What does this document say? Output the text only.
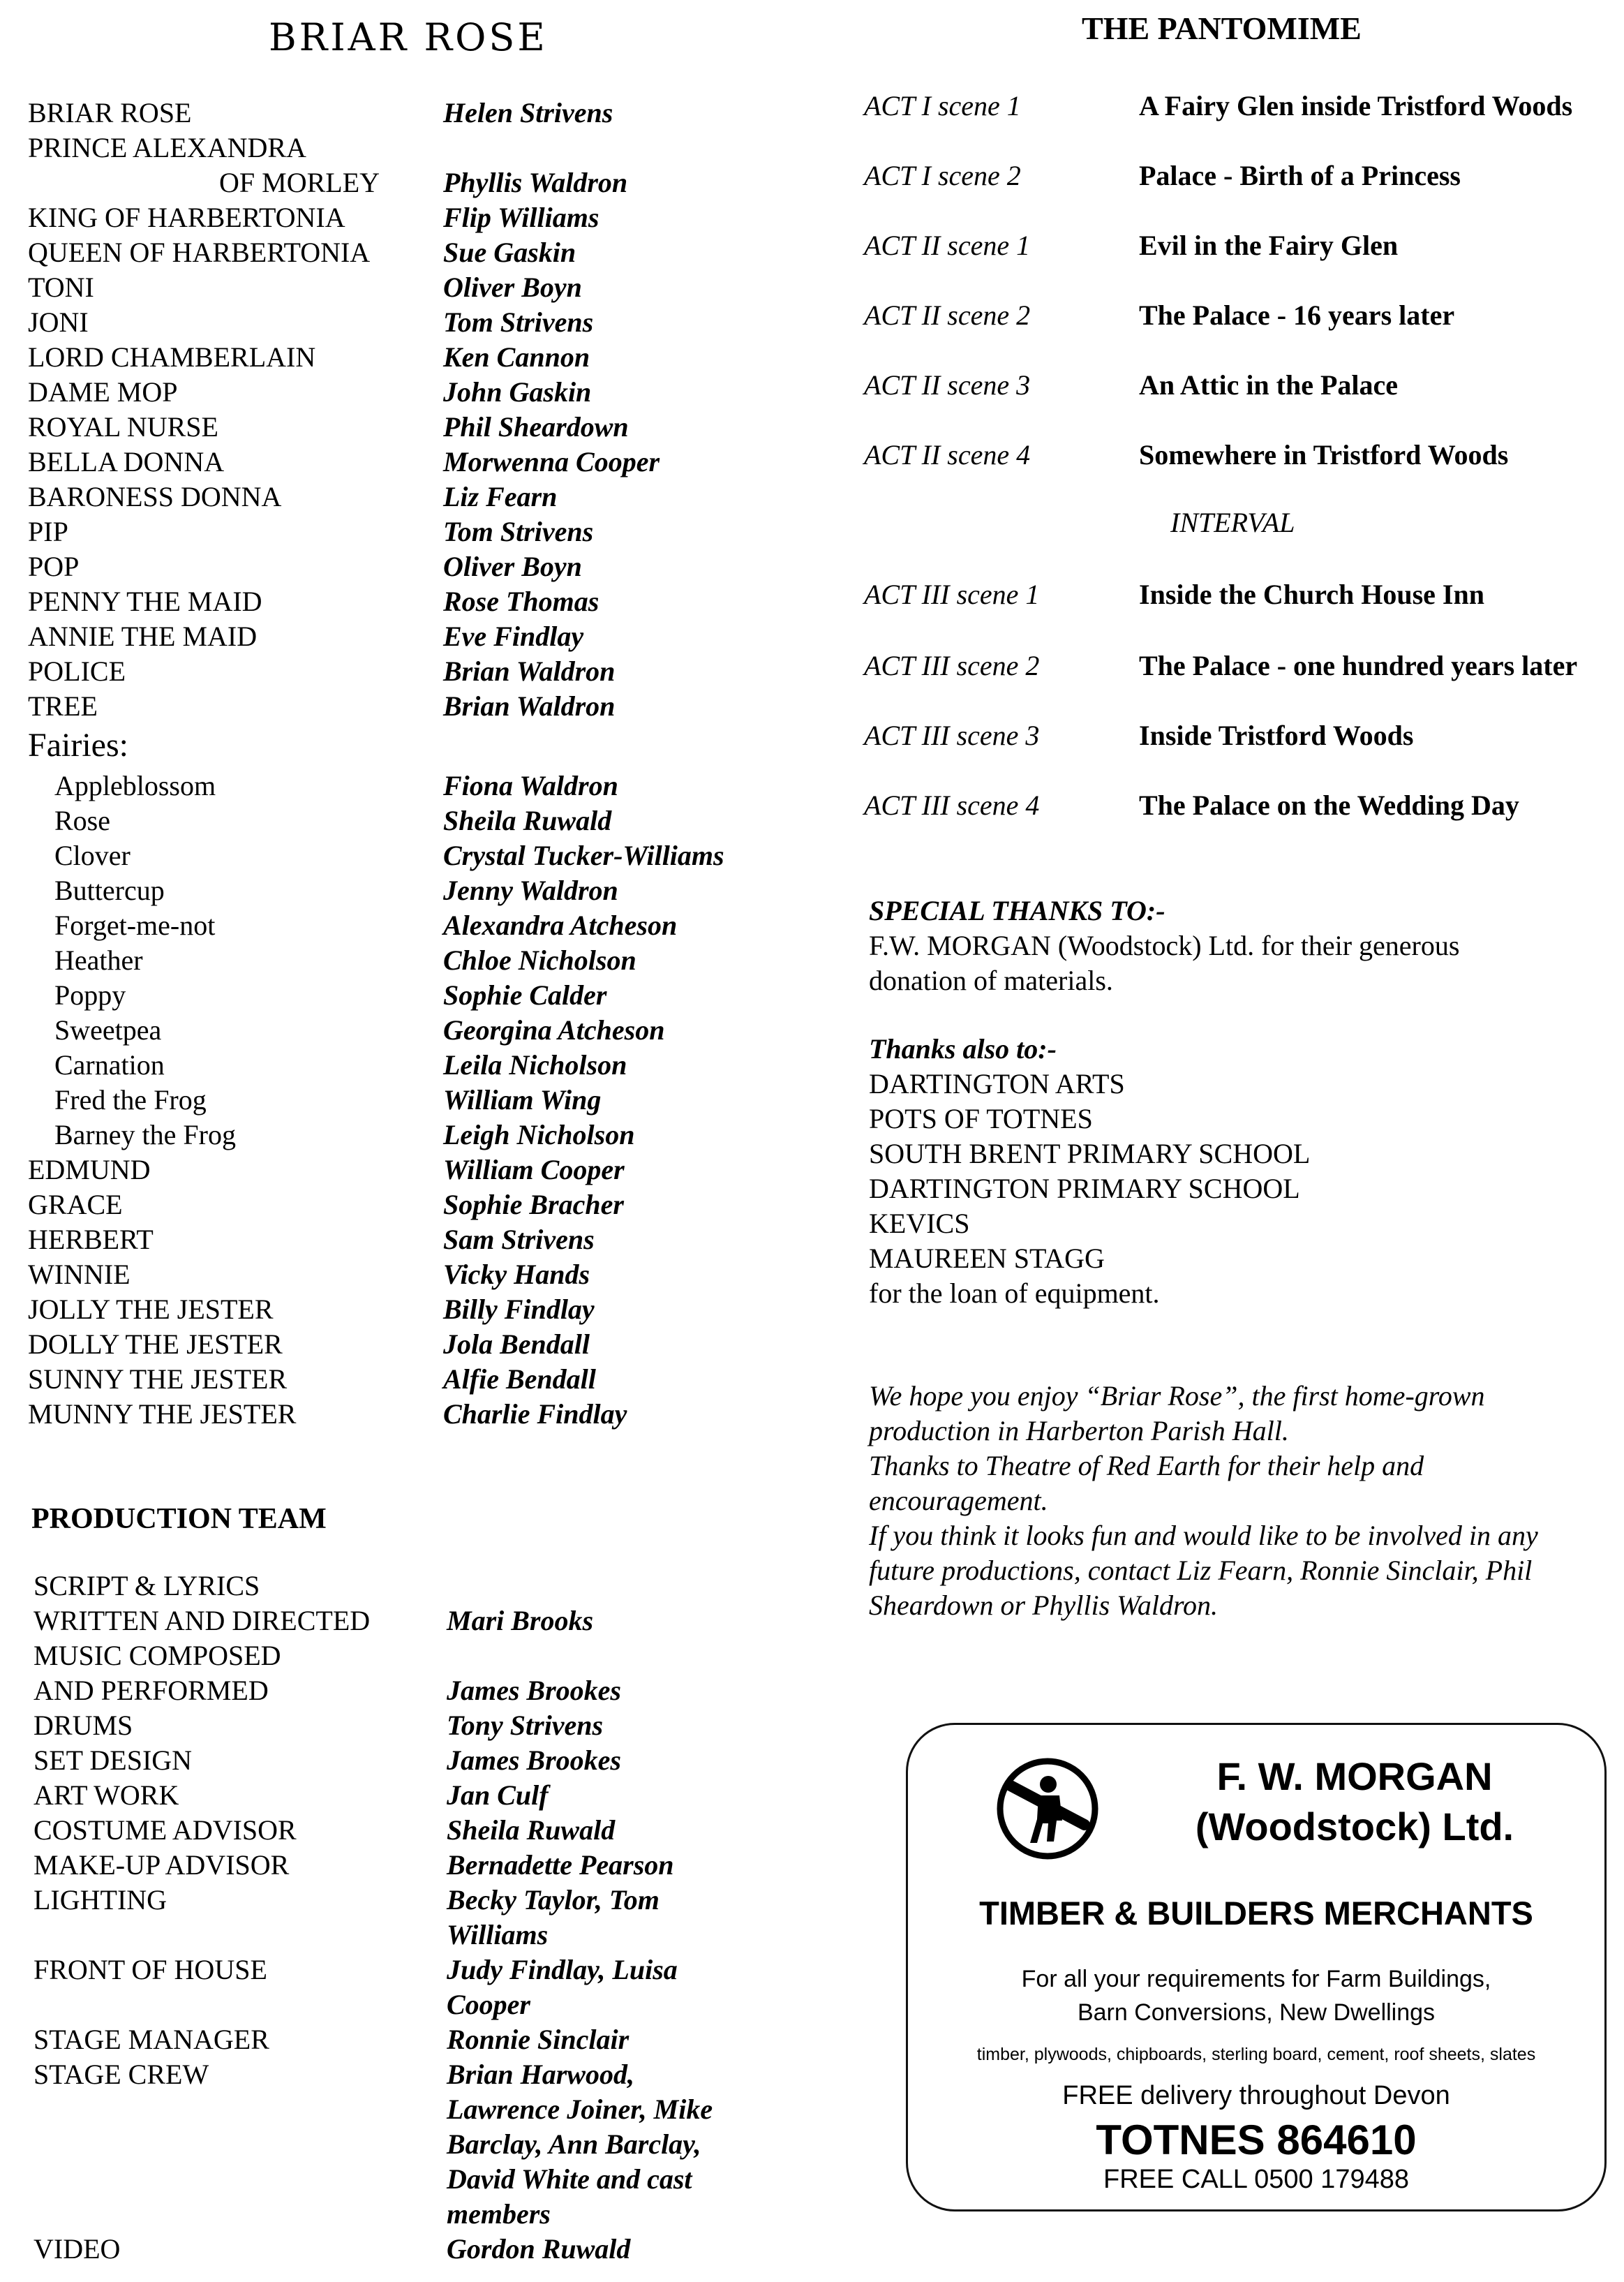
BRIAR ROSE
BRIAR ROSE	Helen Strivens
PRINCE ALEXANDRA
OF MORLEY Phyllis Waldron
KING OF HARBERTONIA	Flip Williams
QUEEN OF HARBERTONIA	Sue Gaskin
TONI	Oliver Boyn
JONI	Tom Strivens
LORD CHAMBERLAIN	Ken Cannon
DAME MOP	John Gaskin
ROYAL NURSE	Phil Sheardown
BELLA DONNA	Morwenna Cooper
BARONESS DONNA	Liz Fearn
PIP	Tom Strivens
POP	Oliver Boyn
PENNY THE MAID	Rose Thomas
ANNIE THE MAID	Eve Findlay
POLICE	Brian Waldron
TREE	Brian Waldron
Fairies:
Appleblossom	Fiona Waldron
Rose	Sheila Ruwald
Clover	Crystal Tucker-Williams
Buttercup	Jenny Waldron
Forget-me-not	Alexandra Atcheson
Heather	Chloe Nicholson
Poppy	Sophie Calder
Sweetpea	Georgina Atcheson
Carnation	Leila Nicholson
Fred the Frog	William Wing
Barney the Frog	Leigh Nicholson
EDMUND	William Cooper
GRACE	Sophie Bracher
HERBERT	Sam Strivens
WINNIE	Vicky Hands
JOLLY THE JESTER	Billy Findlay
DOLLY THE JESTER	Jola Bendall
SUNNY THE JESTER	Alfie Bendall
MUNNY THE JESTER	Charlie Findlay
PRODUCTION TEAM
SCRIPT & LYRICS
WRITTEN AND DIRECTED	Mari Brooks
MUSIC COMPOSED
AND PERFORMED	James Brookes
DRUMS	Tony Strivens
SET DESIGN	James Brookes
ART WORK	Jan Culf
COSTUME ADVISOR	Sheila Ruwald
MAKE-UP ADVISOR	Bernadette Pearson
LIGHTING	Becky Taylor, Tom
Williams
FRONT OF HOUSE	Judy Findlay, Luisa
Cooper
STAGE MANAGER	Ronnie Sinclair
STAGE CREW	Brian Harwood,
Lawrence Joiner, Mike
Barclay, Ann Barclay,
David White and cast
members
VIDEO	Gordon Ruwald
THE PANTOMIME
ACT I scene 1	A Fairy Glen inside Tristford Woods
ACT I scene 2	Palace - Birth of a Princess
ACT II scene 1	Evil in the Fairy Glen
ACT II scene 2	The Palace - 16 years later
ACT II scene 3	An Attic in the Palace
ACT II scene 4	Somewhere in Tristford Woods
INTERVAL
ACT III scene 1	Inside the Church House Inn
ACT III scene 2	The Palace - one hundred years later
ACT III scene 3	Inside Tristford Woods
ACT III scene 4	The Palace on the Wedding Day
SPECIAL THANKS TO:-
F.W. MORGAN (Woodstock) Ltd. for their generous
donation of materials.
Thanks also to:-
DARTINGTON ARTS
POTS OF TOTNES
SOUTH BRENT PRIMARY SCHOOL
DARTINGTON PRIMARY SCHOOL
KEVICS
MAUREEN STAGG
for the loan of equipment.
We hope you enjoy “Briar Rose”, the first home-grown
production in Harberton Parish Hall.
Thanks to Theatre of Red Earth for their help and
encouragement.
If you think it looks fun and would like to be involved in any
future productions, contact Liz Fearn, Ronnie Sinclair, Phil
Sheardown or Phyllis Waldron.
F. W. MORGAN
(Woodstock) Ltd.
TIMBER & BUILDERS MERCHANTS
For all your requirements for Farm Buildings,
Barn Conversions, New Dwellings
timber, plywoods, chipboards, sterling board, cement, roof sheets, slates
FREE delivery throughout Devon
TOTNES 864610
FREE CALL 0500 179488
